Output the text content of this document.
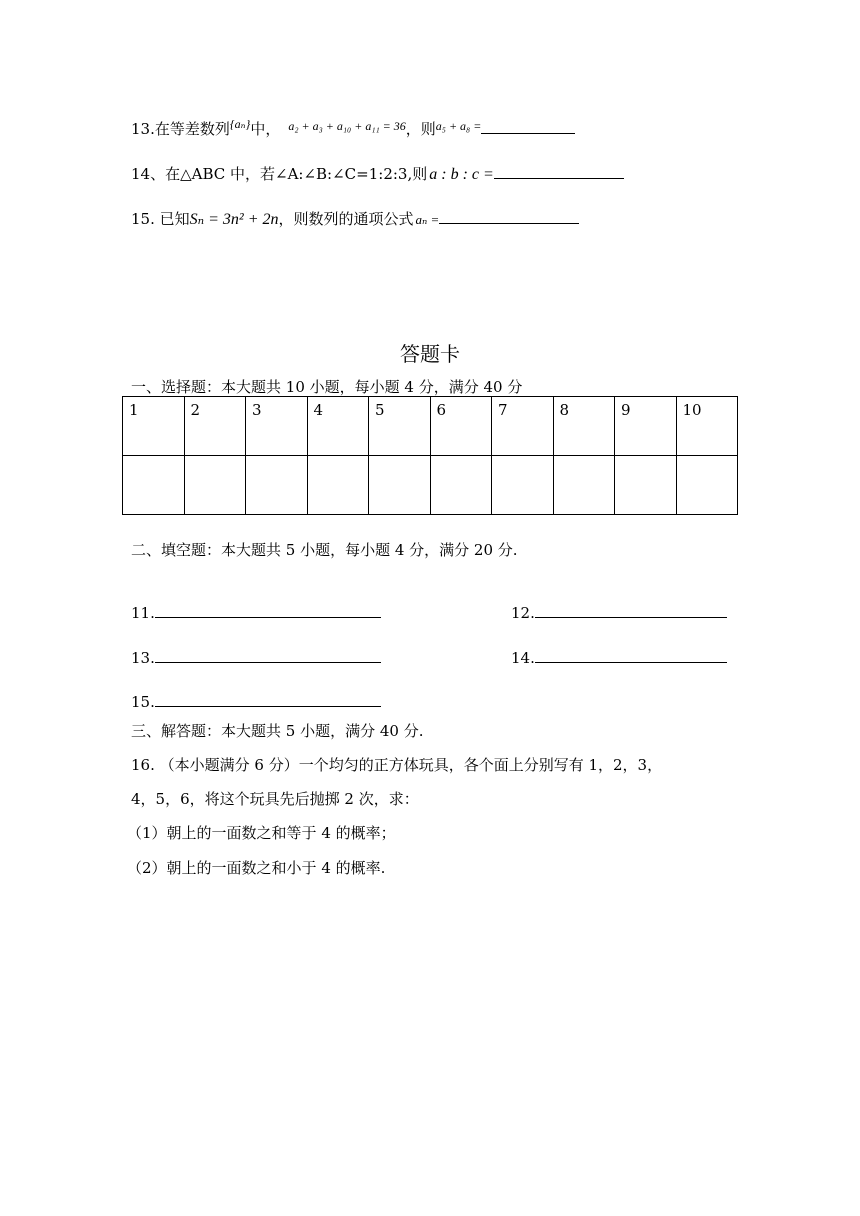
13.在等差数列 {aₙ} 中， a₂ + a₃ + a₁₀ + a₁₁ = 36 ，则 a₅ + a₈ =
14、在△ABC 中，若∠A:∠B:∠C=1:2:3,则 a : b : c =
15. 已知 Sₙ = 3n² + 2n ，则数列的通项公式 aₙ =
答题卡
一、选择题：本大题共 10 小题，每小题 4 分，满分 40 分
1	2	3	4	5	6	7	8	9	10

二、填空题：本大题共 5 小题，每小题 4 分，满分 20 分.
11.	12.
13.	14.
15.
三、解答题：本大题共 5 小题，满分 40 分.
16. （本小题满分 6 分）一个均匀的正方体玩具，各个面上分别写有 1，2，3，
4，5，6，将这个玩具先后抛掷 2 次，求：
（1）朝上的一面数之和等于 4 的概率；
（2）朝上的一面数之和小于 4 的概率.
